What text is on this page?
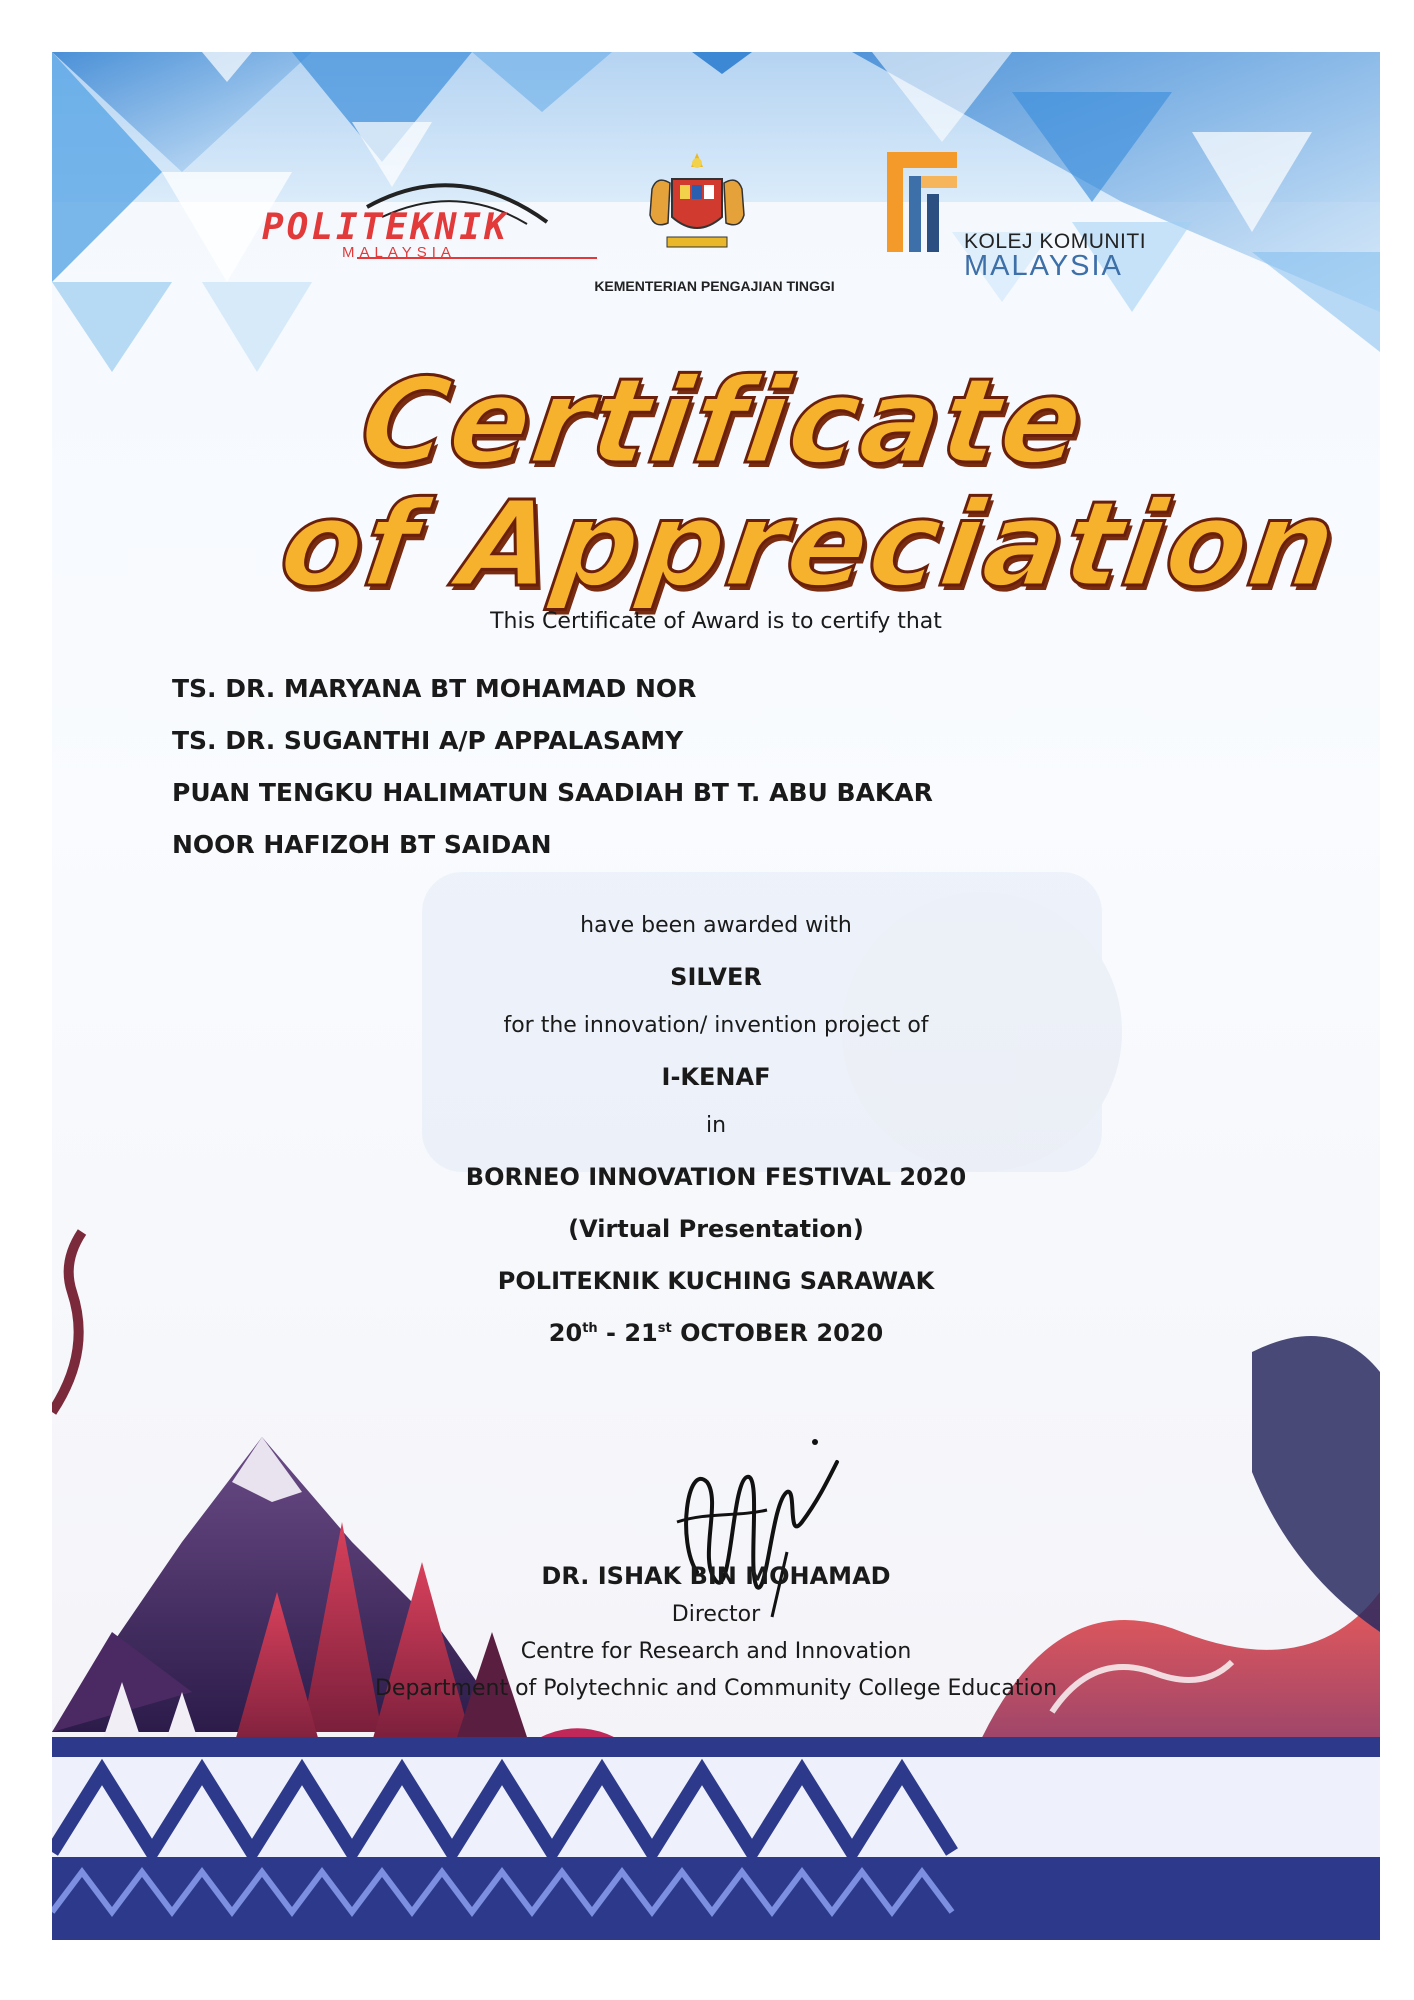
POLITEKNIK
MALAYSIA
KEMENTERIAN PENGAJIAN TINGGI
KOLEJ KOMUNITI
MALAYSIA
Certificate
of Appreciation
This Certificate of Award is to certify that
TS. DR. MARYANA BT MOHAMAD NOR
TS. DR. SUGANTHI A/P APPALASAMY
PUAN TENGKU HALIMATUN SAADIAH BT T. ABU BAKAR
NOOR HAFIZOH BT SAIDAN
have been awarded with
SILVER
for the innovation/ invention project of
I-KENAF
in
BORNEO INNOVATION FESTIVAL 2020
(Virtual Presentation)
POLITEKNIK KUCHING SARAWAK
20th - 21st OCTOBER 2020
DR. ISHAK BIN MOHAMAD
Director
Centre for Research and Innovation
Department of Polytechnic and Community College Education
